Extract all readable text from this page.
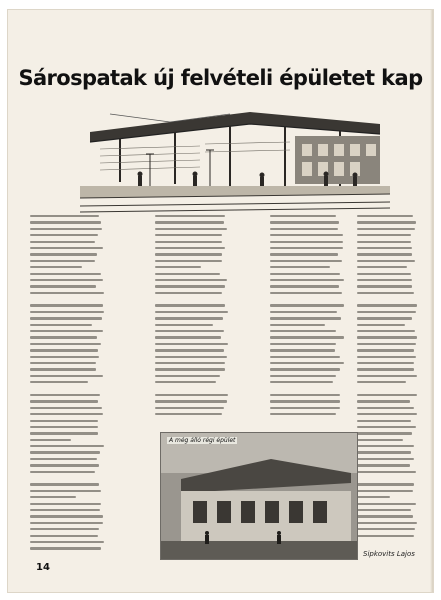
Sárospatak új felvételi épületet kap
A még álló régi épület
Sipkovits Lajos
14
